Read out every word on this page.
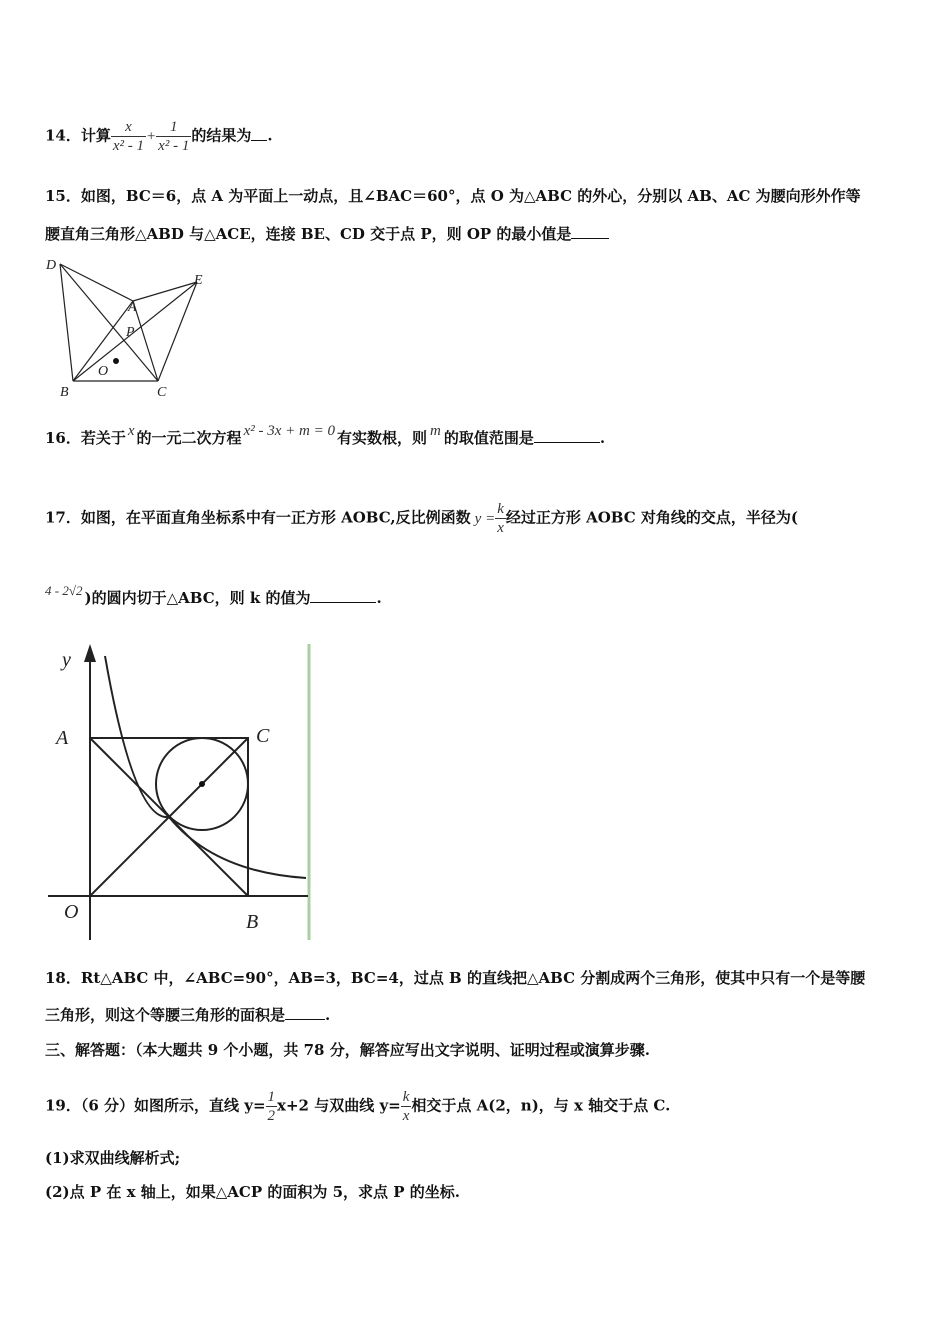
14．计算 $\frac{x}{\text{x² - 1}} + \frac{1}{\text{x² - 1}}$ 的结果为 .
15．如图，BC＝6，点 A 为平面上一动点，且∠BAC＝60°，点 O 为△ABC 的外心，分别以 AB、AC 为腰向形外作等
腰直角三角形△ABD 与△ACE，连接 BE、CD 交于点 P，则 OP 的最小值是
D
E
A
P
O
B	C
16．若关于 x 的一元二次方程 x² - 3x + m = 0 有实数根，则 m 的取值范围是	.
17．如图，在平面直角坐标系中有一正方形 AOBC,反比例函数 $y = \frac{k}{x}$ 经过正方形 AOBC 对角线的交点，半径为(
4 - 2√2 )的圆内切于△ABC，则 k 的值为	.
y
A	C
O	B
18．Rt△ABC 中，∠ABC=90°，AB=3，BC=4，过点 B 的直线把△ABC 分割成两个三角形，使其中只有一个是等腰
三角形，则这个等腰三角形的面积是	.
三、解答题：（本大题共 9 个小题，共 78 分，解答应写出文字说明、证明过程或演算步骤.
19．（6 分）如图所示，直线 $y= \frac{1}{2} x+2$ 与双曲线 $y= \frac{k}{x}$ 相交于点 A(2，n)，与 x 轴交于点 C.
(1)求双曲线解析式;
(2)点 P 在 x 轴上，如果△ACP 的面积为 5，求点 P 的坐标.
